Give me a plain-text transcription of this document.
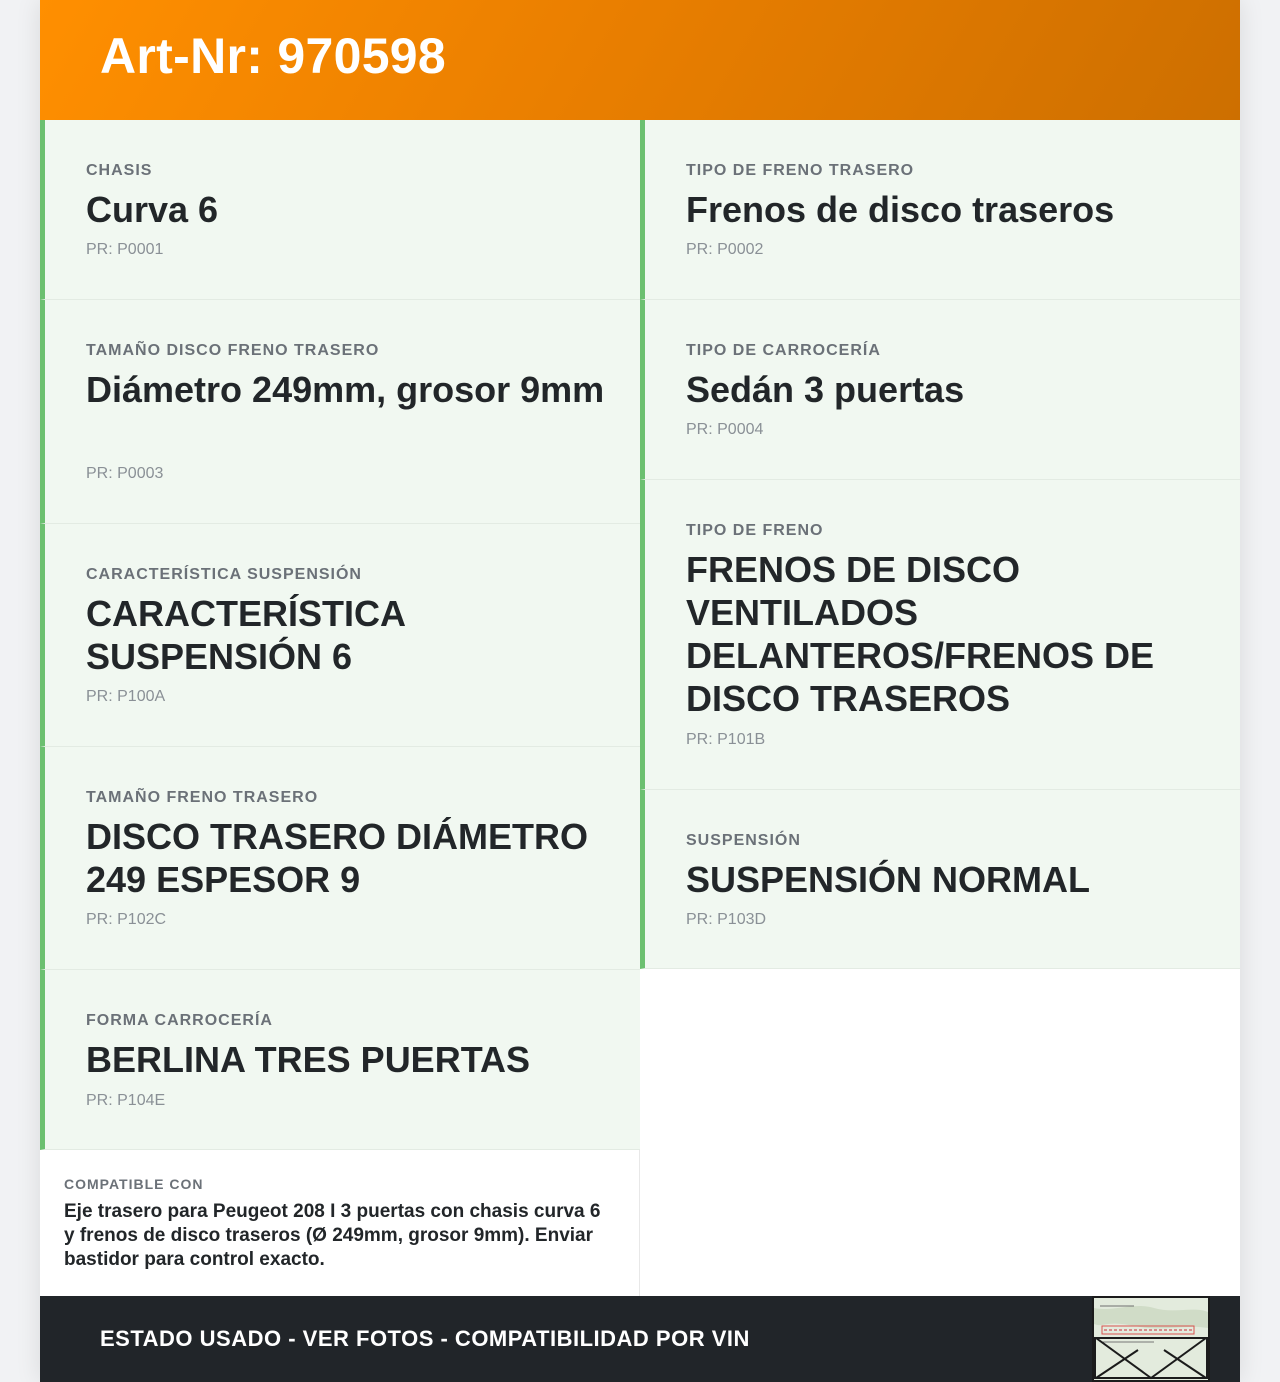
Art-Nr: 970598
CHASIS
Curva 6
PR: P0001
TAMAÑO DISCO FRENO TRASERO
Diámetro 249mm, grosor 9mm
PR: P0003
CARACTERÍSTICA SUSPENSIÓN
CARACTERÍSTICA SUSPENSIÓN 6
PR: P100A
TAMAÑO FRENO TRASERO
DISCO TRASERO DIÁMETRO 249 ESPESOR 9
PR: P102C
FORMA CARROCERÍA
BERLINA TRES PUERTAS
PR: P104E
TIPO DE FRENO TRASERO
Frenos de disco traseros
PR: P0002
TIPO DE CARROCERÍA
Sedán 3 puertas
PR: P0004
TIPO DE FRENO
FRENOS DE DISCO VENTILADOS DELANTEROS/FRENOS DE DISCO TRASEROS
PR: P101B
SUSPENSIÓN
SUSPENSIÓN NORMAL
PR: P103D
COMPATIBLE CON
Eje trasero para Peugeot 208 I 3 puertas con chasis curva 6 y frenos de disco traseros (Ø 249mm, grosor 9mm). Enviar bastidor para control exacto.
ESTADO USADO - VER FOTOS - COMPATIBILIDAD POR VIN
